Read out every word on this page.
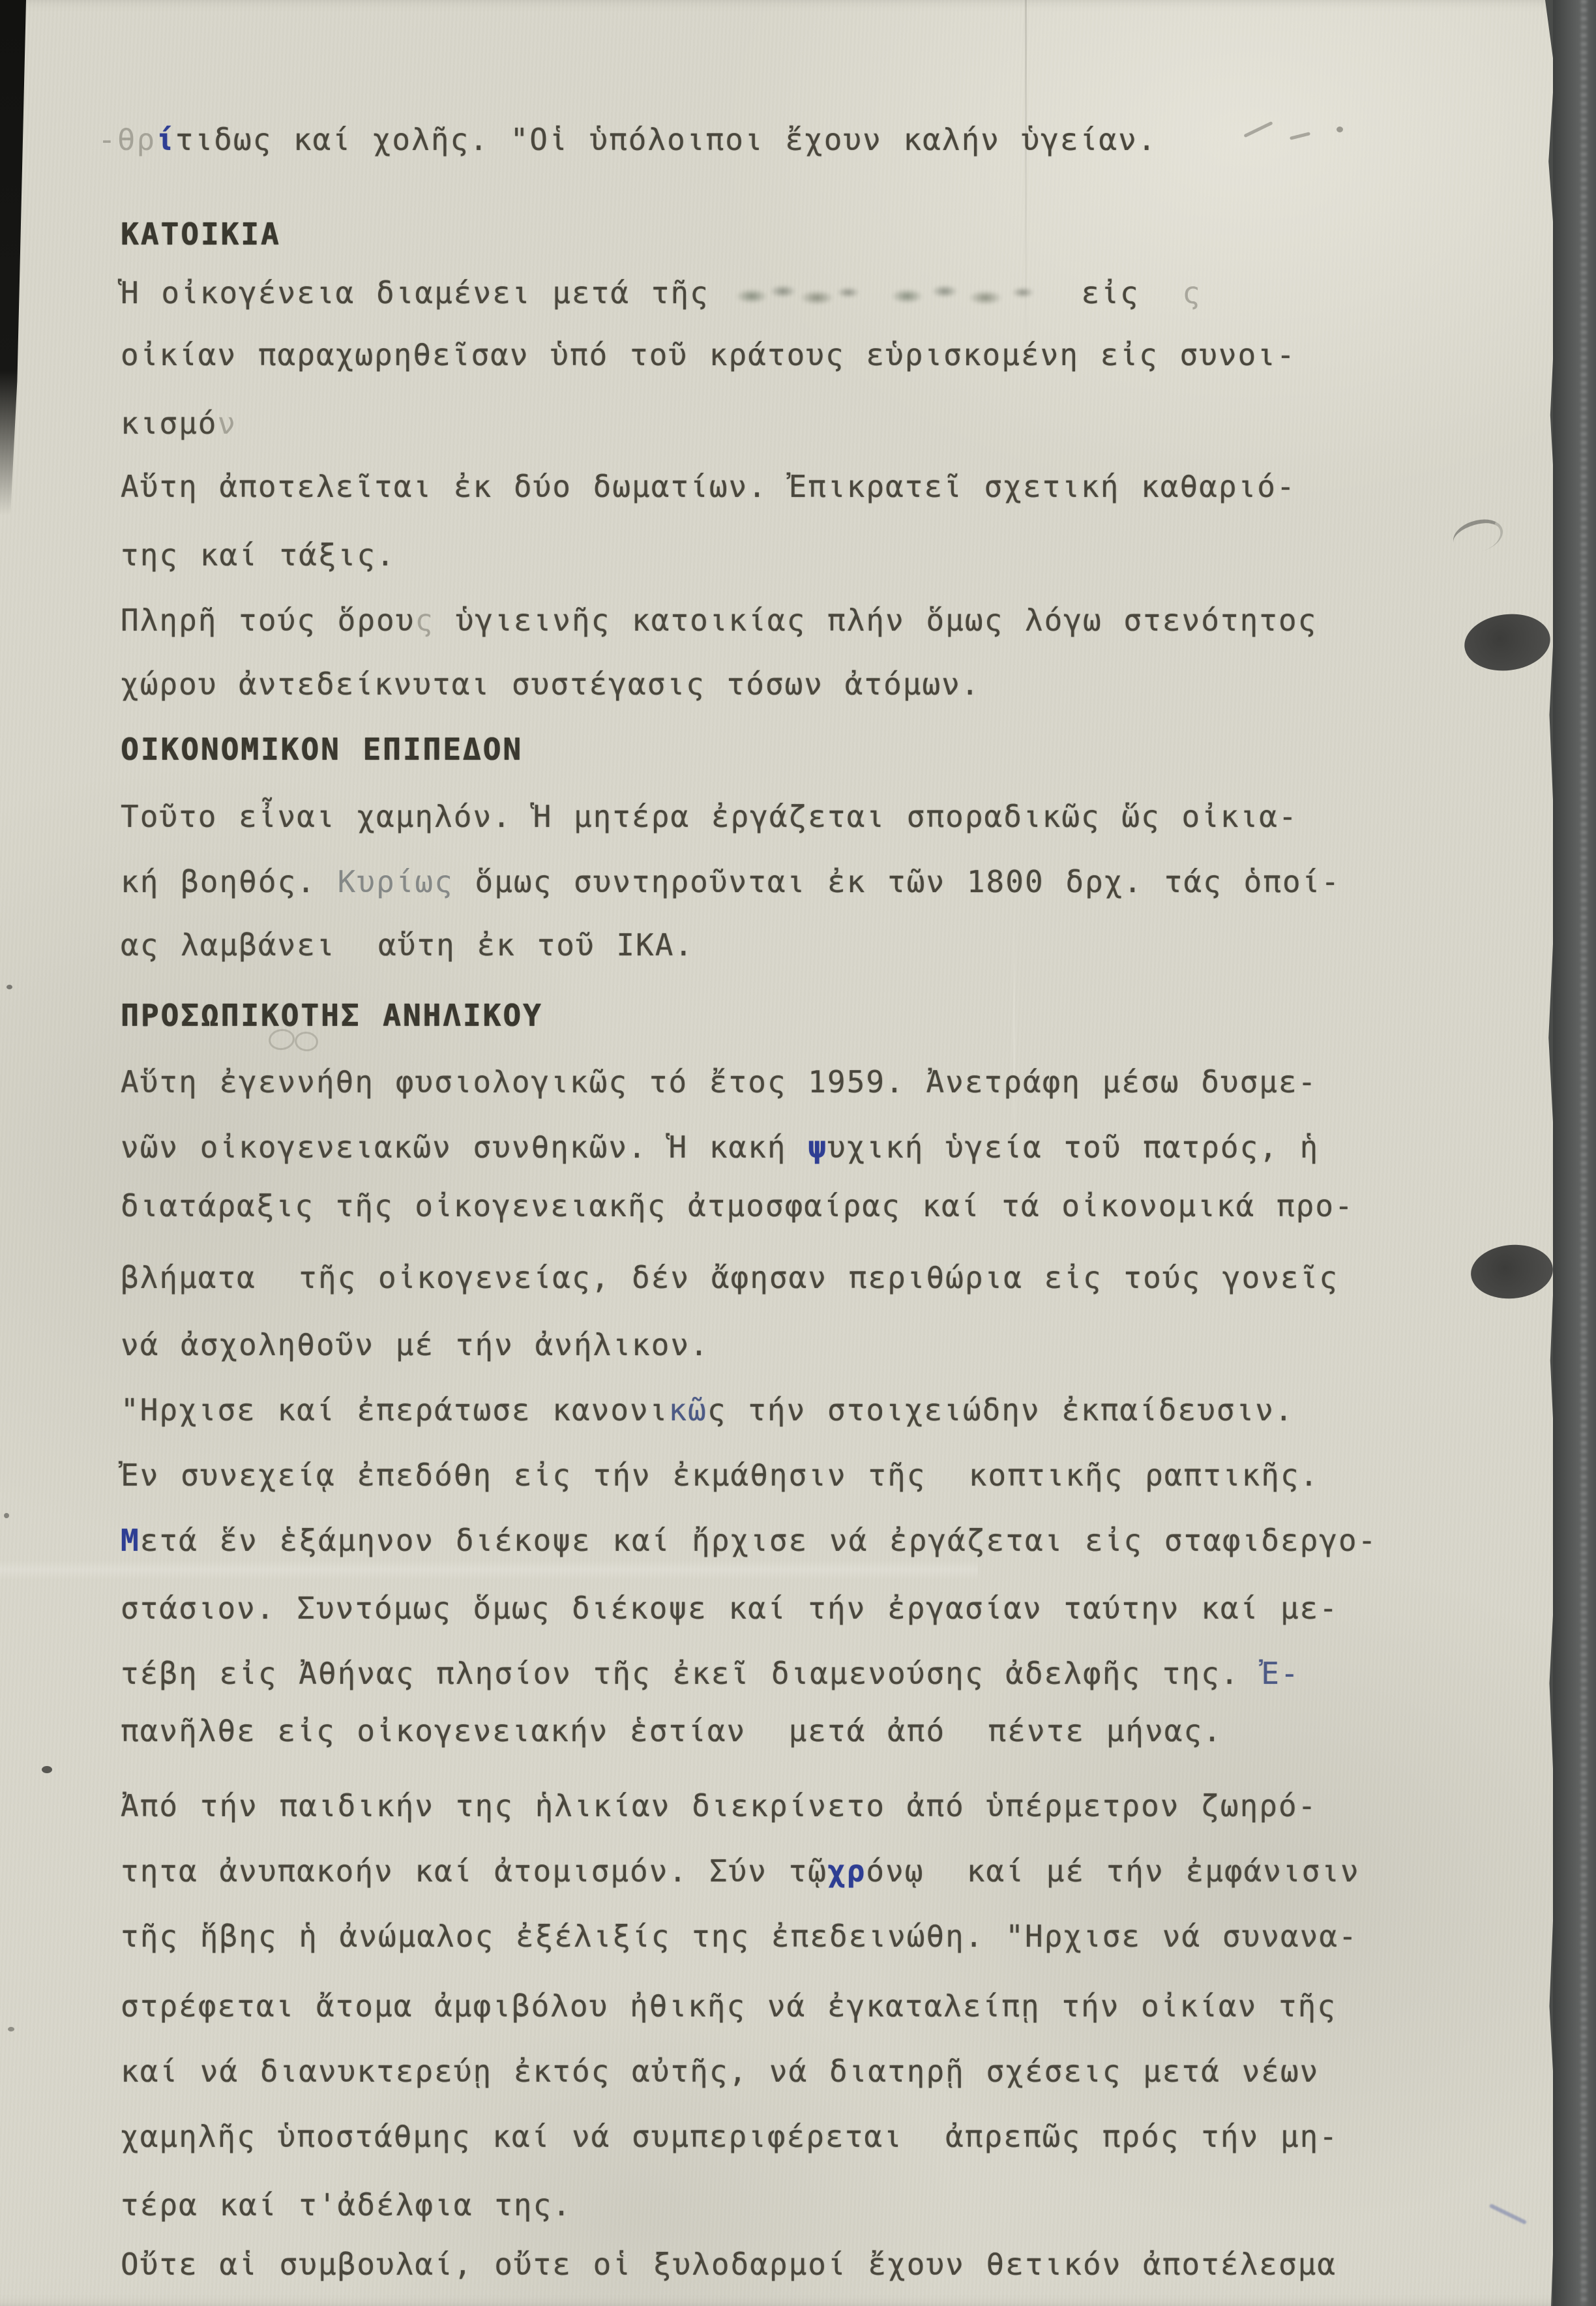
-θρίτιδως καί χολῆς. "Οἱ ὑπόλοιποι ἔχουν καλήν ὑγείαν.
ΚΑΤΟΙΚΙΑ
Ἡ οἰκογένεια διαμένει μετά τῆς	εἰς  ς
οἰκίαν παραχωρηθεῖσαν ὑπό τοῦ κράτους εὑρισκομένη εἰς συνοι-
κισμόν
Αὕτη ἀποτελεῖται ἐκ δύο δωματίων. Ἐπικρατεῖ σχετική καθαριό-
της καί τάξις.
Πληρῆ τούς ὅρους ὑγιεινῆς κατοικίας πλήν ὅμως λόγω στενότητος
χώρου ἀντεδείκνυται συστέγασις τόσων ἀτόμων.
ΟΙΚΟΝΟΜΙΚΟΝ ΕΠΙΠΕΔΟΝ
Τοῦτο εἶναι χαμηλόν. Ἡ μητέρα ἐργάζεται σποραδικῶς ὥς οἰκια-
κή βοηθός. Κυρίως ὅμως συντηροῦνται ἐκ τῶν 1800 δρχ. τάς ὁποί-
ας λαμβάνει  αὕτη ἐκ τοῦ ΙΚΑ.
ΠΡΟΣΩΠΙΚΟΤΗΣ ΑΝΗΛΙΚΟΥ
Αὕτη ἐγεννήθη φυσιολογικῶς τό ἔτος 1959. Ἀνετράφη μέσω δυσμε-
νῶν οἰκογενειακῶν συνθηκῶν. Ἡ κακή ψυχική ὑγεία τοῦ πατρός, ἡ
διατάραξις τῆς οἰκογενειακῆς ἀτμοσφαίρας καί τά οἰκονομικά προ-
βλήματα  τῆς οἰκογενείας, δέν ἄφησαν περιθώρια εἰς τούς γονεῖς
νά ἀσχοληθοῦν μέ τήν ἀνήλικον.
"Ηρχισε καί ἐπεράτωσε κανονικῶς τήν στοιχειώδην ἐκπαίδευσιν.
Ἐν συνεχείᾳ ἐπεδόθη εἰς τήν ἐκμάθησιν τῆς  κοπτικῆς ραπτικῆς.
Μετά ἕν ἑξάμηνον διέκοψε καί ἤρχισε νά ἐργάζεται εἰς σταφιδεργο-
στάσιον. Συντόμως ὅμως διέκοψε καί τήν ἐργασίαν ταύτην καί με-
τέβη εἰς Ἀθήνας πλησίον τῆς ἐκεῖ διαμενούσης ἀδελφῆς της. Ἐ-
πανῆλθε εἰς οἰκογενειακήν ἑστίαν  μετά ἀπό  πέντε μήνας.
Ἀπό τήν παιδικήν της ἡλικίαν διεκρίνετο ἀπό ὑπέρμετρον ζωηρό-
τητα ἀνυπακοήν καί ἀτομισμόν. Σύν τῷχρόνῳ  καί μέ τήν ἐμφάνισιν
τῆς ἥβης ἡ ἀνώμαλος ἐξέλιξίς της ἐπεδεινώθη. "Ηρχισε νά συνανα-
στρέφεται ἄτομα ἀμφιβόλου ἠθικῆς νά ἐγκαταλείπῃ τήν οἰκίαν τῆς
καί νά διανυκτερεύῃ ἐκτός αὐτῆς, νά διατηρῇ σχέσεις μετά νέων
χαμηλῆς ὑποστάθμης καί νά συμπεριφέρεται  ἀπρεπῶς πρός τήν μη-
τέρα καί τ'ἀδέλφια της.
Οὔτε αἱ συμβουλαί, οὔτε οἱ ξυλοδαρμοί ἔχουν θετικόν ἀποτέλεσμα
